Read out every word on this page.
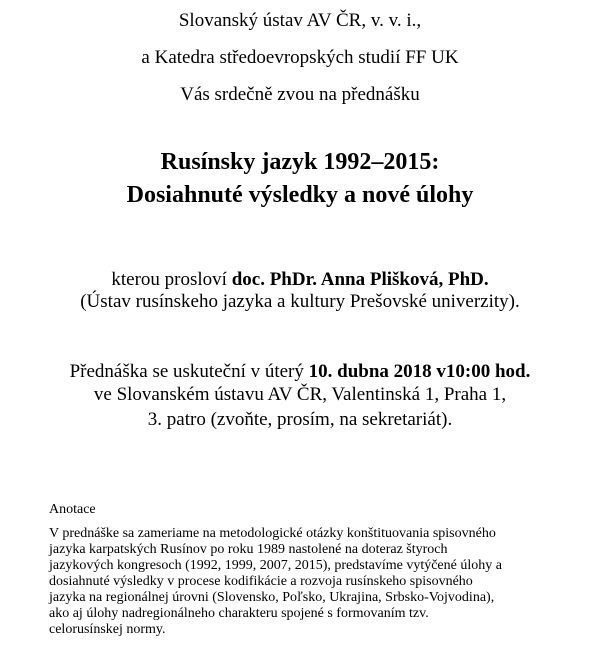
Slovanský ústav AV ČR, v. v. i.,
a Katedra středoevropských studií FF UK
Vás srdečně zvou na přednášku
Rusínsky jazyk 1992–2015:
Dosiahnuté výsledky a nové úlohy
kterou prosloví doc. PhDr. Anna Plišková, PhD.
(Ústav rusínskeho jazyka a kultury Prešovské univerzity).
Přednáška se uskuteční v úterý 10. dubna 2018 v10:00 hod.
ve Slovanském ústavu AV ČR, Valentinská 1, Praha 1,
3. patro (zvoňte, prosím, na sekretariát).
Anotace
V prednáške sa zameriame na metodologické otázky konštituovania spisovného
jazyka karpatských Rusínov po roku 1989 nastolené na doteraz štyroch
jazykových kongresoch (1992, 1999, 2007, 2015), predstavíme vytýčené úlohy a
dosiahnuté výsledky v procese kodifikácie a rozvoja rusínskeho spisovného
jazyka na regionálnej úrovni (Slovensko, Poľsko, Ukrajina, Srbsko-Vojvodina),
ako aj úlohy nadregionálneho charakteru spojené s formovaním tzv.
celorusínskej normy.
